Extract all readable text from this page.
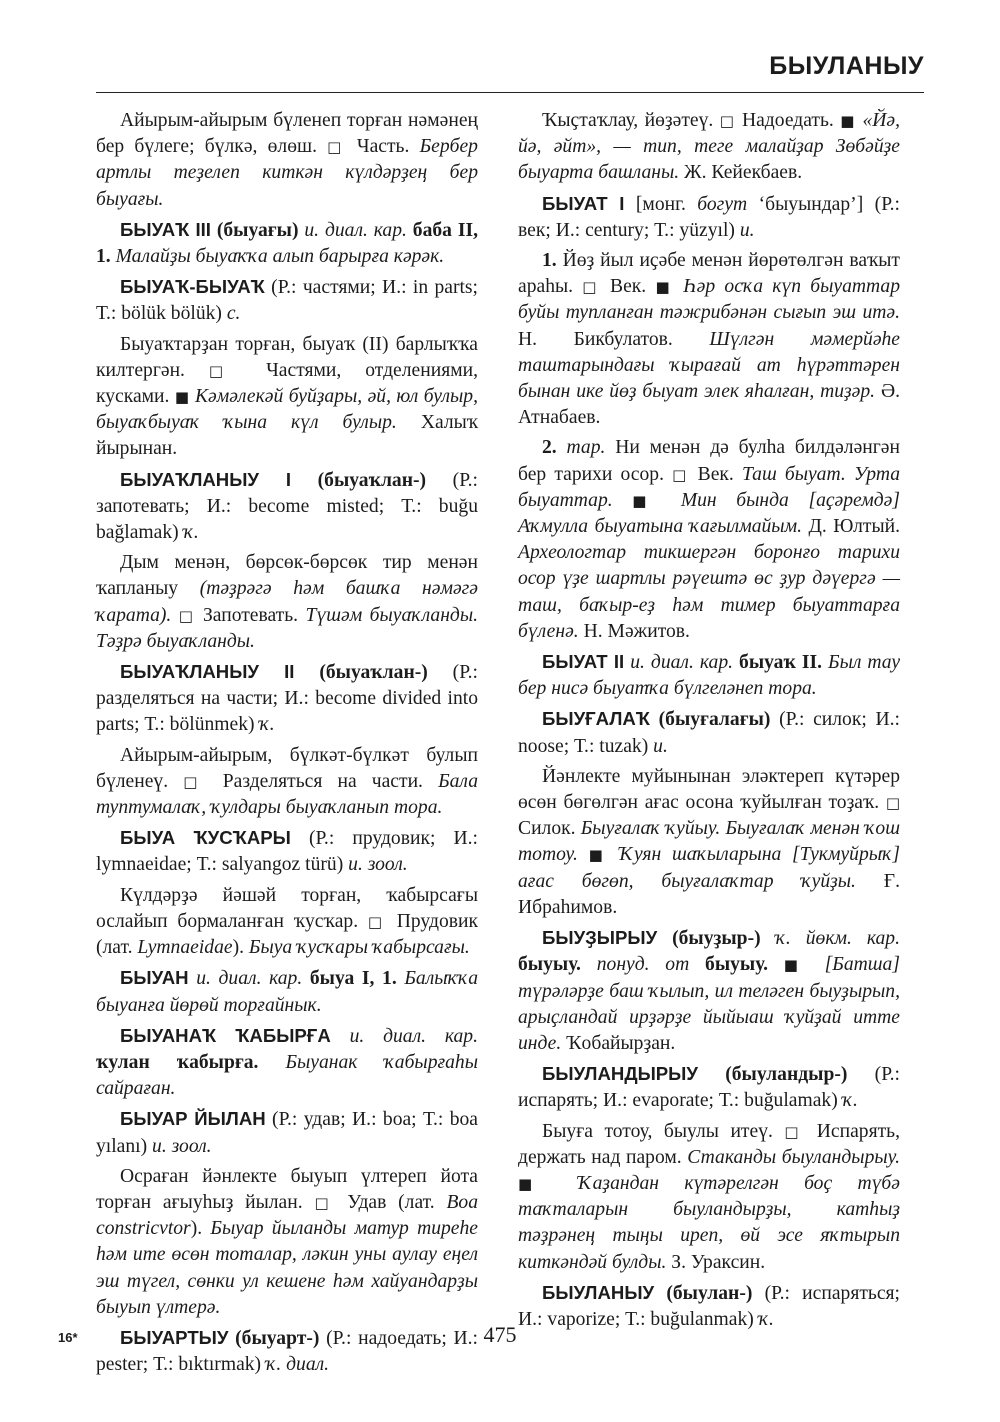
БЫУЛАНЫУ

Айырым-айырым бүленеп торған нәмәнең бер бүлеге; бүлкә, өлөш. □ Часть. Бербер артлы теҙелеп киткән күлдәрҙең бер быуағы.

БЫУАҠ III (быуағы) и. диал. кар. баба II, 1. Малайҙы быуаҡҡа алып барырға кәрәк.

БЫУАҠ-БЫУАҠ (Р.: частями; И.: in parts; Т.: bölük bölük) с.

Быуаҡтарҙан торған, быуаҡ (II) барлыҡҡа килтергән. □ Частями, отделениями, кусками. ■ Кәмәлекәй буйҙары, әй, юл булыр, быуаҡбыуаҡ ҡына күл булыр. Халыҡ йырынан.

БЫУАҠЛАНЫУ I (быуаҡлан-) (Р.: запотевать; И.: become misted; Т.: buğu bağlamak) ҡ.

Дым менән, бөрсөк-бөрсөк тир менән ҡапланыу (тәҙрәгә һәм башҡа нәмәгә ҡарата). □ Запотевать. Түшәм быуаҡланды. Тәҙрә быуаҡланды.

БЫУАҠЛАНЫУ II (быуаҡлан-) (Р.: разделяться на части; И.: become divided into parts; Т.: bölünmek) ҡ.

Айырым-айырым, бүлкәт-бүлкәт булып бүленеү. □ Разделяться на части. Бала туптумалаҡ, ҡулдары быуаҡланып тора.

БЫУА ҠУСҠАРЫ (Р.: прудовик; И.: lymnaeidae; Т.: salyangoz türü) и. зоол.

Күлдәрҙә йәшәй торған, ҡабырсағы ослайып бормаланған ҡусҡар. □ Прудовик (лат. Lymnaeidae). Быуа ҡусҡары ҡабырсағы.

БЫУАН и. диал. кар. быуа I, 1. Балыҡҡа быуанға йөрөй торғайнык.

БЫУАНАҠ ҠАБЫРҒА и. диал. кар. ҡулан ҡабырға. Быуанак ҡабырғаһы сайраған.

БЫУАР ЙЫЛАН (Р.: удав; И.: boa; Т.: boa yılanı) и. зоол.

Осраған йәнлекте быуып үлтереп йота торған ағыуһыҙ йылан. □ Удав (лат. Boa constricvtor). Быуар йыланды матур тиреһе һәм ите өсөн тоталар, ләкин уны аулау еңел эш түгел, сөнки ул кешене һәм хайуандарҙы быуып үлтерә.

БЫУАРТЫУ (быуарт-) (Р.: надоедать; И.: pester; Т.: bıktırmak) ҡ. диал.

Ҡыҫтаҡлау, йөҙәтеү. □ Надоедать. ■ «Йә, йә, әйт», — тип, теге малайҙар Зөбәйҙе быуарта башланы. Ж. Кейекбаев.

БЫУАТ I [монг. богут ‘быуындар’] (Р.: век; И.: century; Т.: yüzyıl) и.

1. Йөҙ йыл иҫәбе менән йөрөтөлгән ваҡыт араһы. □ Век. ■ Һәр осҡа күп быуаттар буйы тупланған тәжрибәнән сығып эш итә. Н. Бикбулатов. Шүлгән мәмерйәһе таштарындағы ҡырағай ат һүрәттәрен бынан ике йөҙ быуат элек яһалған, тиҙәр. Ә. Атнабаев.

2. тар. Ни менән дә булһа билдәләнгән бер тарихи осор. □ Век. Таш быуат. Урта быуаттар. ■ Мин бында [аҫәремдә] Аҡмулла быуатына ҡағылмайым. Д. Юлтый. Археологтар тикшергән боронғо тарихи осор үҙе шартлы рәүештә өс ҙур дәүергә — таш, баҡыр-еҙ һәм тимер быуаттарға бүленә. Н. Мәжитов.

БЫУАТ II и. диал. кар. быуаҡ II. Был тау бер нисә быуатҡа бүлгеләнеп тора.

БЫУҒАЛАҠ (быуғалағы) (Р.: силок; И.: noose; Т.: tuzak) и.

Йәнлекте муйынынан эләктереп күтәрер өсөн бөгөлгән ағас осона ҡуйылған тоҙаҡ. □ Силок. Быуғалаҡ ҡуйыу. Быуғалаҡ менән ҡош тотоу. ■ Ҡуян шаҡыларына [Тукмуйрыҡ] ағас бөгөп, быуғалаҡтар ҡуйҙы. Ғ. Ибраһимов.

БЫУҘЫРЫУ (быуҙыр-) ҡ. йөкм. кар. быуыу. понуд. от быуыу. ■ [Батша] түрәләрҙе баш ҡылып, ил теләген быуҙырып, арыҫландай ирҙәрҙе йыйыаш ҡуйҙай итте инде. Ҡобайырҙан.

БЫУЛАНДЫРЫУ (быуландыр-) (Р.: испарять; И.: evaporate; Т.: buğulamak) ҡ.

Быуға тотоу, быулы итеү. □ Испарять, держать над паром. Стаканды быуландырыу. ■ Ҡаҙандан күтәрелгән боҫ түбә таҡталарын быуландырҙы, катһыҙ тәҙрәнең тыңы иреп, өй эсе яҡтырып киткәндәй булды. З. Ураксин.

БЫУЛАНЫУ (быулан-) (Р.: испаряться; И.: vaporize; Т.: buğulanmak) ҡ.

16*	475
